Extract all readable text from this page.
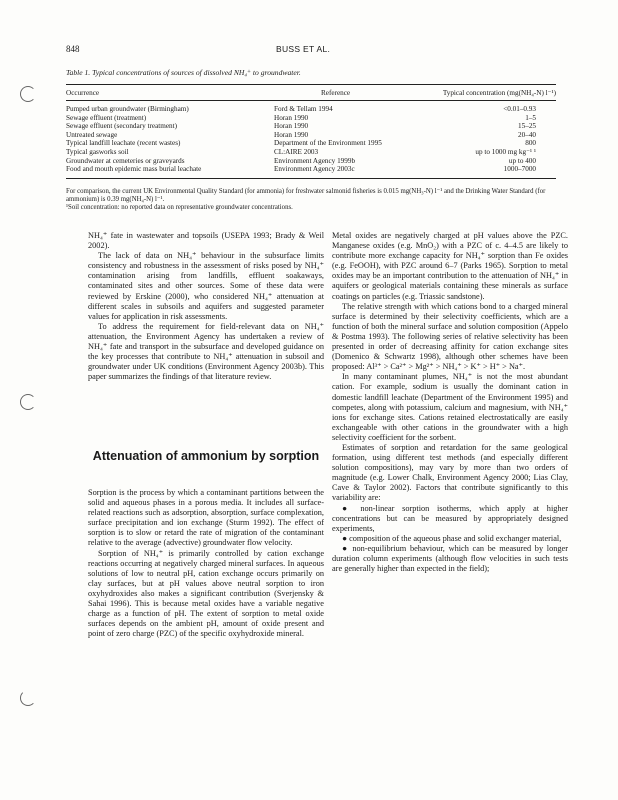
848	BUSS ET AL.
Table 1. Typical concentrations of sources of dissolved NH₄⁺ to groundwater.
Occurrence	Reference	Typical concentration (mg(NH₄-N) l⁻¹)
Pumped urban groundwater (Birmingham)	Ford & Tellam 1994	<0.01–0.93
Sewage effluent (treatment)	Horan 1990	1–5
Sewage effluent (secondary treatment)	Horan 1990	15–25
Untreated sewage	Horan 1990	20–40
Typical landfill leachate (recent wastes)	Department of the Environment 1995	800
Typical gasworks soil	CL:AIRE 2003	up to 1000 mg kg⁻¹ ¹
Groundwater at cemeteries or graveyards	Environment Agency 1999b	up to 400
Food and mouth epidemic mass burial leachate	Environment Agency 2003c	1000–7000
For comparison, the current UK Environmental Quality Standard (for ammonia) for freshwater salmonid fisheries is 0.015 mg(NH₃-N) l⁻¹ and the Drinking Water Standard (for ammonium) is 0.39 mg(NH₄-N) l⁻¹.
¹Soil concentration: no reported data on representative groundwater concentrations.

NH₄⁺ fate in wastewater and topsoils (USEPA 1993; Brady & Weil 2002).

The lack of data on NH₄⁺ behaviour in the subsurface limits consistency and robustness in the assessment of risks posed by NH₄⁺ contamination arising from landfills, effluent soakaways, contaminated sites and other sources. Some of these data were reviewed by Erskine (2000), who considered NH₄⁺ attenuation at different scales in subsoils and aquifers and suggested parameter values for application in risk assessments.

To address the requirement for field-relevant data on NH₄⁺ attenuation, the Environment Agency has undertaken a review of NH₄⁺ fate and transport in the subsurface and developed guidance on the key processes that contribute to NH₄⁺ attenuation in subsoil and groundwater under UK conditions (Environment Agency 2003b). This paper summarizes the findings of that literature review.

Attenuation of ammonium by sorption

Sorption is the process by which a contaminant partitions between the solid and aqueous phases in a porous media. It includes all surface-related reactions such as adsorption, absorption, surface complexation, surface precipitation and ion exchange (Sturm 1992). The effect of sorption is to slow or retard the rate of migration of the contaminant relative to the average (advective) groundwater flow velocity.

Sorption of NH₄⁺ is primarily controlled by cation exchange reactions occurring at negatively charged mineral surfaces. In aqueous solutions of low to neutral pH, cation exchange occurs primarily on clay surfaces, but at pH values above neutral sorption to iron oxyhydroxides also makes a significant contribution (Sverjensky & Sahai 1996). This is because metal oxides have a variable negative charge as a function of pH. The extent of sorption to metal oxide surfaces depends on the ambient pH, amount of oxide present and point of zero charge (PZC) of the specific oxyhydroxide mineral.

Metal oxides are negatively charged at pH values above the PZC. Manganese oxides (e.g. MnO₂) with a PZC of c. 4–4.5 are likely to contribute more exchange capacity for NH₄⁺ sorption than Fe oxides (e.g. FeOOH), with PZC around 6–7 (Parks 1965). Sorption to metal oxides may be an important contribution to the attenuation of NH₄⁺ in aquifers or geological materials containing these minerals as surface coatings on particles (e.g. Triassic sandstone).

The relative strength with which cations bond to a charged mineral surface is determined by their selectivity coefficients, which are a function of both the mineral surface and solution composition (Appelo & Postma 1993). The following series of relative selectivity has been presented in order of decreasing affinity for cation exchange sites (Domenico & Schwartz 1998), although other schemes have been proposed: Al³⁺ > Ca²⁺ > Mg²⁺ > NH₄⁺ > K⁺ > H⁺ > Na⁺.

In many contaminant plumes, NH₄⁺ is not the most abundant cation. For example, sodium is usually the dominant cation in domestic landfill leachate (Department of the Environment 1995) and competes, along with potassium, calcium and magnesium, with NH₄⁺ ions for exchange sites. Cations retained electrostatically are easily exchangeable with other cations in the groundwater with a high selectivity coefficient for the sorbent.

Estimates of sorption and retardation for the same geological formation, using different test methods (and especially different solution compositions), may vary by more than two orders of magnitude (e.g. Lower Chalk, Environment Agency 2000; Lias Clay, Cave & Taylor 2002). Factors that contribute significantly to this variability are:

● non-linear sorption isotherms, which apply at higher concentrations but can be measured by appropriately designed experiments,

● composition of the aqueous phase and solid exchanger material,

● non-equilibrium behaviour, which can be measured by longer duration column experiments (although flow velocities in such tests are generally higher than expected in the field);
